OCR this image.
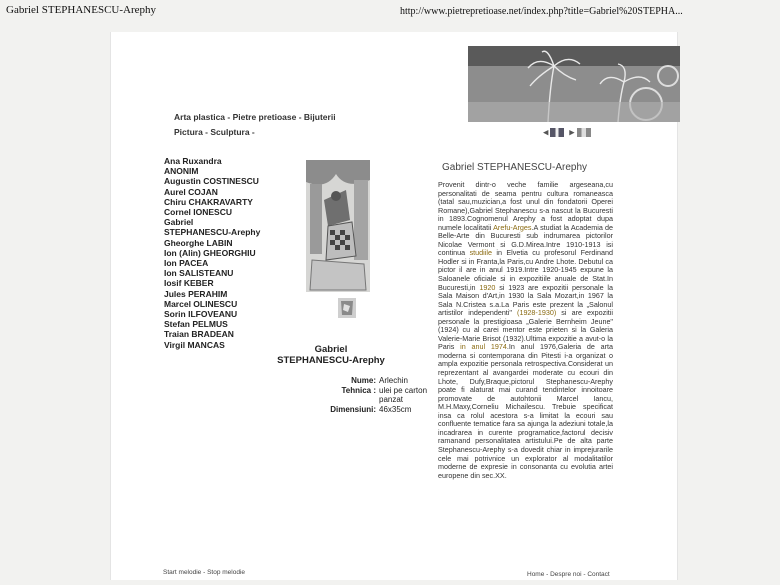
Gabriel STEPHANESCU-Arephy	http://www.pietrepretioase.net/index.php?title=Gabriel%20STEPHA...
◀	▶
Arta plastica - Pietre pretioase - Bijuterii
Pictura - Sculptura -
Ana Ruxandra
ANONIM
Augustin COSTINESCU
Aurel COJAN
Chiru CHAKRAVARTY
Cornel IONESCU
Gabriel
STEPHANESCU-Arephy
Gheorghe LABIN
Ion (Alin) GHEORGHIU
Ion PACEA
Ion SALISTEANU
Iosif KEBER
Jules PERAHIM
Marcel OLINESCU
Sorin ILFOVEANU
Stefan PELMUS
Traian BRADEAN
Virgil MANCAS	Gabriel
STEPHANESCU-Arephy
Nume: Arlechin
Tehnica : ulei pe carton
panzat
Dimensiuni: 46x35cm
Gabriel STEPHANESCU-Arephy
Provenit dintr-o veche familie argeseana,cu personalitati de seama pentru cultura romaneasca (tatal sau,muzician,a fost unul din fondatorii Operei Romane),Gabriel Stephanescu s-a nascut la Bucuresti in 1893.Cognomenul Arephy a fost adoptat dupa numele localitatii Arefu-Arges.A studiat la Academia de Belle-Arte din Bucuresti sub indrumarea pictorilor Nicolae Vermont si G.D.Mirea.Intre 1910-1913 isi continua studiile in Elvetia cu profesorul Ferdinand Hodler si in Franta,la Paris,cu Andre Lhote. Debutul ca pictor il are in anul 1919.Intre 1920-1945 expune la Saloanele oficiale si in expozitiile anuale de Stat.In Bucuresti,in 1920 si 1923 are expozitii personale la Sala Maison d'Art,in 1930 la Sala Mozart,in 1967 la Sala N.Cristea s.a.La Paris este prezent la „Salonul artistilor independenti" (1928-1930) si are expozitii personale la prestigioasa „Galerie Bernheim Jeune" (1924) cu al carei mentor este prieten si la Galeria Valerie-Marie Brisot (1932).Ultima expozitie a avut-o la Paris in anul 1974.In anul 1976,Galeria de arta moderna si contemporana din Pitesti i-a organizat o ampla expozitie personala retrospectiva.Considerat un reprezentant al avangardei moderate cu ecouri din Lhote, Dufy,Braque,pictorul Stephanescu-Arephy poate fi alaturat mai curand tendintelor innoitoare promovate de autohtonii Marcel Iancu, M.H.Maxy,Corneliu Michailescu. Trebuie specificat insa ca rolul acestora s-a limitat la ecouri sau confluente tematice fara sa ajunga la adeziuni totale,la incadrarea in curente programatice,factorul decisiv ramanand personalitatea artistului.Pe de alta parte Stephanescu-Arephy s-a dovedit chiar in imprejurarile cele mai potrivnice un explorator al modalitatilor moderne de expresie in consonanta cu evolutia artei europene din sec.XX.
Start melodie - Stop melodie	Home - Despre noi - Contact
